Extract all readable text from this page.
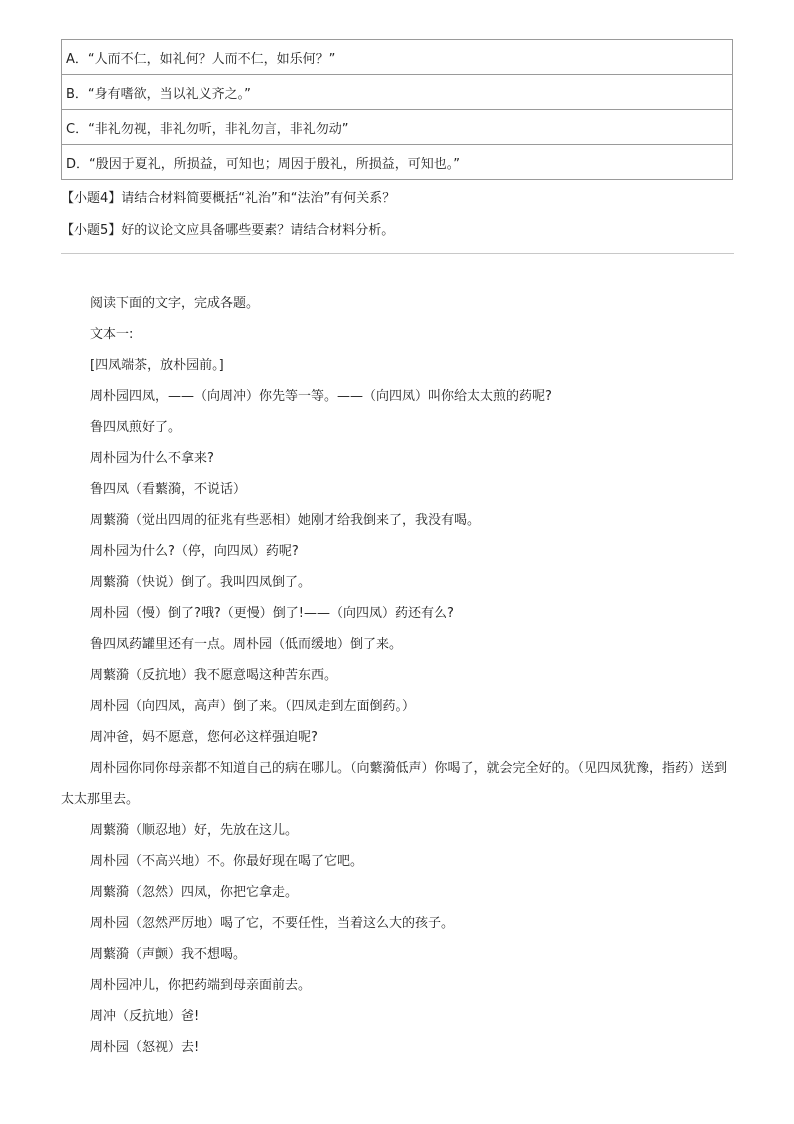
A．“人而不仁，如礼何？人而不仁，如乐何？”
B．“身有嗜欲，当以礼义齐之。”
C．“非礼勿视，非礼勿听，非礼勿言，非礼勿动”
D．“殷因于夏礼，所损益，可知也；周因于殷礼，所损益，可知也。”
【小题4】请结合材料简要概括“礼治”和“法治”有何关系？
【小题5】好的议论文应具备哪些要素？请结合材料分析。

阅读下面的文字，完成各题。

文本一:

[四凤端茶，放朴园前。]

周朴园四凤，——（向周冲）你先等一等。——（向四凤）叫你给太太煎的药呢?

鲁四凤煎好了。

周朴园为什么不拿来?

鲁四凤（看蘩漪，不说话）

周蘩漪（觉出四周的征兆有些恶相）她刚才给我倒来了，我没有喝。

周朴园为什么?（停，向四凤）药呢?

周蘩漪（快说）倒了。我叫四凤倒了。

周朴园（慢）倒了?哦?（更慢）倒了!——（向四凤）药还有么?

鲁四凤药罐里还有一点。周朴园（低而缓地）倒了来。

周蘩漪（反抗地）我不愿意喝这种苦东西。

周朴园（向四凤，高声）倒了来。（四凤走到左面倒药。）

周冲爸，妈不愿意，您何必这样强迫呢?

周朴园你同你母亲都不知道自己的病在哪儿。（向蘩漪低声）你喝了，就会完全好的。（见四凤犹豫，指药）送到太太那里去。

周蘩漪（顺忍地）好，先放在这儿。

周朴园（不高兴地）不。你最好现在喝了它吧。

周蘩漪（忽然）四凤，你把它拿走。

周朴园（忽然严厉地）喝了它，不要任性，当着这么大的孩子。

周蘩漪（声颤）我不想喝。

周朴园冲儿，你把药端到母亲面前去。

周冲（反抗地）爸!

周朴园（怒视）去!
